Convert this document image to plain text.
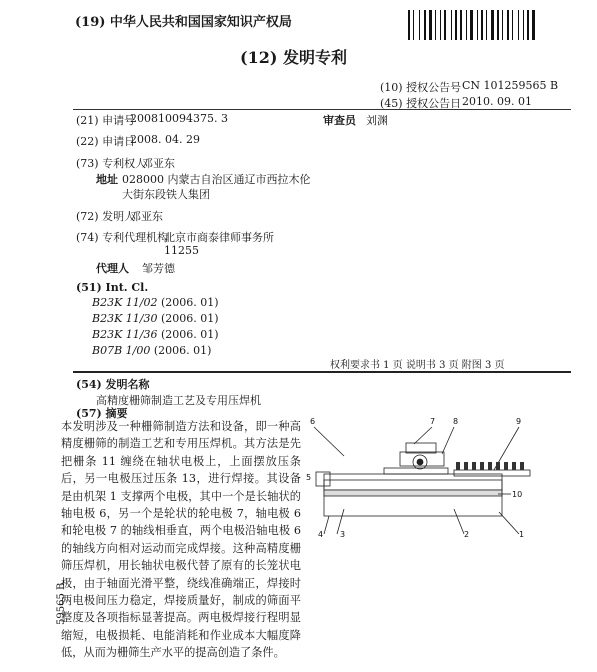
(19) 中华人民共和国国家知识产权局
(12) 发明专利
(10) 授权公告号 CN 101259565 B
(45) 授权公告日 2010. 09. 01
(21) 申请号
200810094375. 3	审查员 刘渊
(22) 申请日
2008. 04. 29
(73) 专利权人
邓亚东
地址 028000 内蒙古自治区通辽市西拉木伦
大街东段铁人集团
(72) 发明人
邓亚东
(74) 专利代理机构
北京市商泰律师事务所
11255
代理人 邹芳德
(51) Int. Cl.
B23K 11/02 (2006. 01)
B23K 11/30 (2006. 01)
B23K 11/36 (2006. 01)
B07B 1/00 (2006. 01)
权利要求书 1 页 说明书 3 页 附图 3 页
(54) 发明名称
高精度栅筛制造工艺及专用压焊机
(57) 摘要
本发明涉及一种栅筛制造方法和设备，即一种高精度栅筛的制造工艺和专用压焊机。其方法是先把栅条 11 缠绕在轴状电极上，上面摆放压条后，另一电极压过压条 13，进行焊接。其设备是由机架 1 支撑两个电极，其中一个是长轴状的轴电极 6，另一个是轮状的轮电极 7，轴电极 6 和轮电极 7 的轴线相垂直，两个电极沿轴电极 6 的轴线方向相对运动而完成焊接。这种高精度栅筛压焊机，用长轴状电极代替了原有的长笼状电极，由于轴面光滑平整，绕线准确端正，焊接时两电极间压力稳定，焊接质量好，制成的筛面平整度及各项指标显著提高。两电极焊接行程明显缩短，电极损耗、电能消耗和作业成本大幅度降低，从而为栅筛生产水平的提高创造了条件。
6	7 8	9
5
10
4 3	2	1
59565 B
